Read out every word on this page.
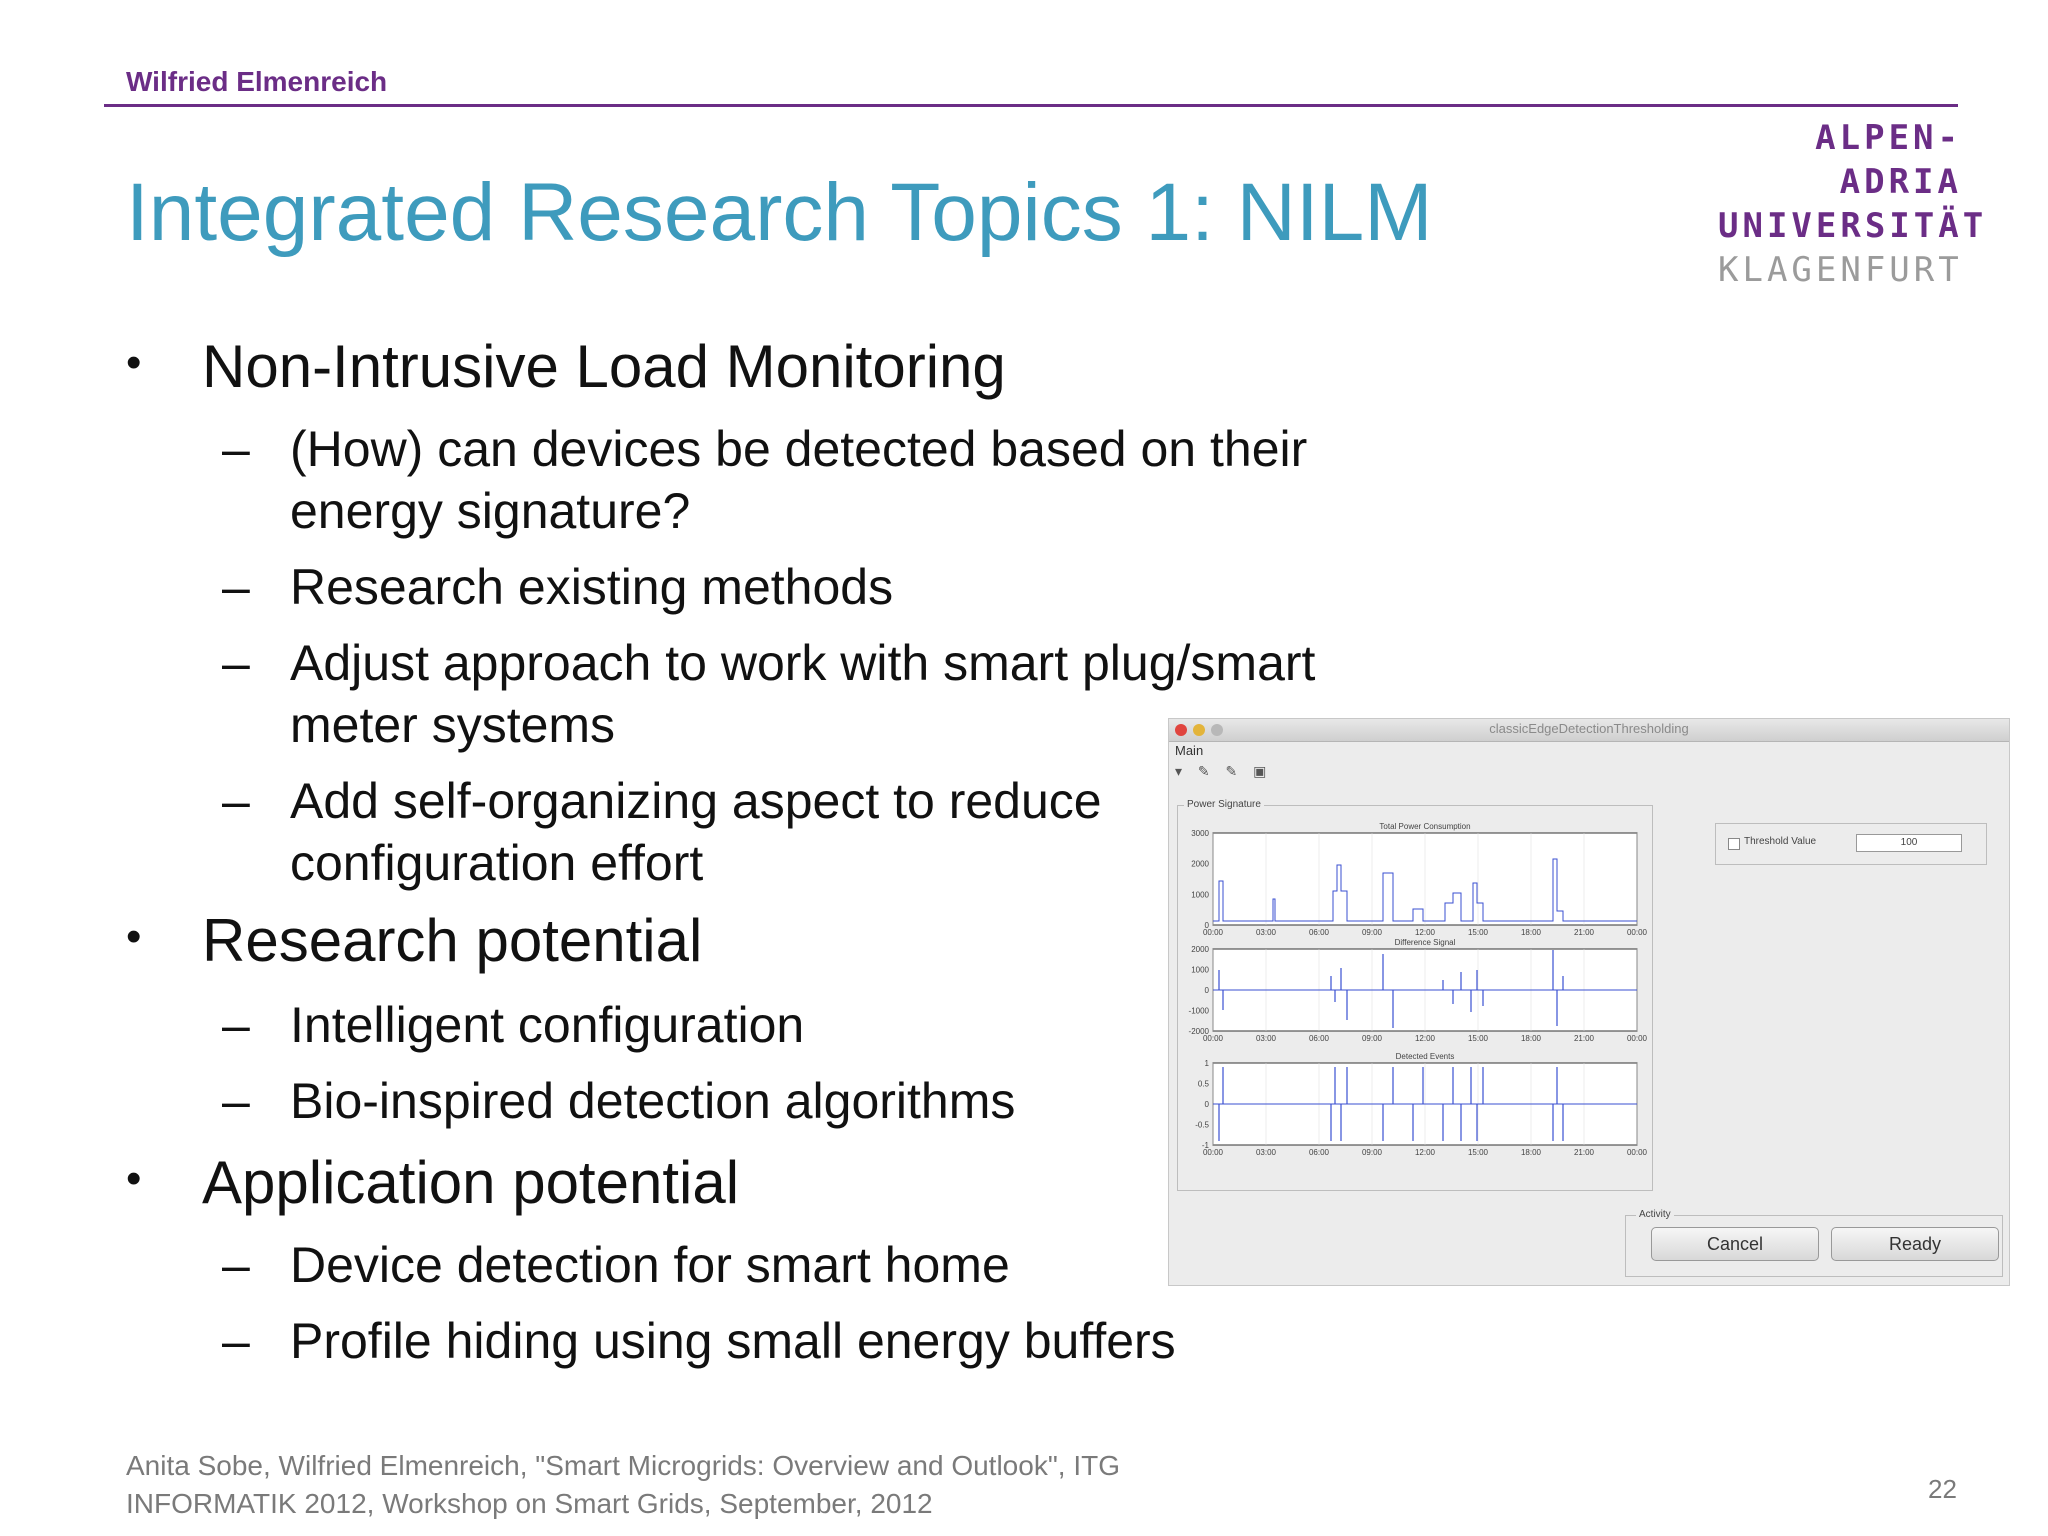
Wilfried Elmenreich
ALPEN-ADRIA
UNIVERSITÄT
KLAGENFURT
Integrated Research Topics 1: NILM
• Non-Intrusive Load Monitoring
– (How) can devices be detected based on their energy signature?
– Research existing methods
– Adjust approach to work with smart plug/smart meter systems
– Add self-organizing aspect to reduce configuration effort
• Research potential
– Intelligent configuration
– Bio-inspired detection algorithms
• Application potential
– Device detection for smart home
– Profile hiding using small energy buffers
classicEdgeDetectionThresholding
Main
▾ ✎ ✎ ▣
Power Signature
Total Power Consumption
3000
2000
1000
0
00:00	03:00	06:00	09:00	12:00	15:00	18:00	21:00	00:00
Difference Signal
2000
1000
0
-1000
-2000
00:00	03:00	06:00	09:00	12:00	15:00	18:00	21:00	00:00
Detected Events
1
0.5
0
-0.5
-1
00:00	03:00	06:00	09:00	12:00	15:00	18:00	21:00	00:00
Threshold Value	100
Activity
Cancel	Ready
Anita Sobe, Wilfried Elmenreich, "Smart Microgrids: Overview and Outlook", ITG
INFORMATIK 2012, Workshop on Smart Grids, September, 2012	22
